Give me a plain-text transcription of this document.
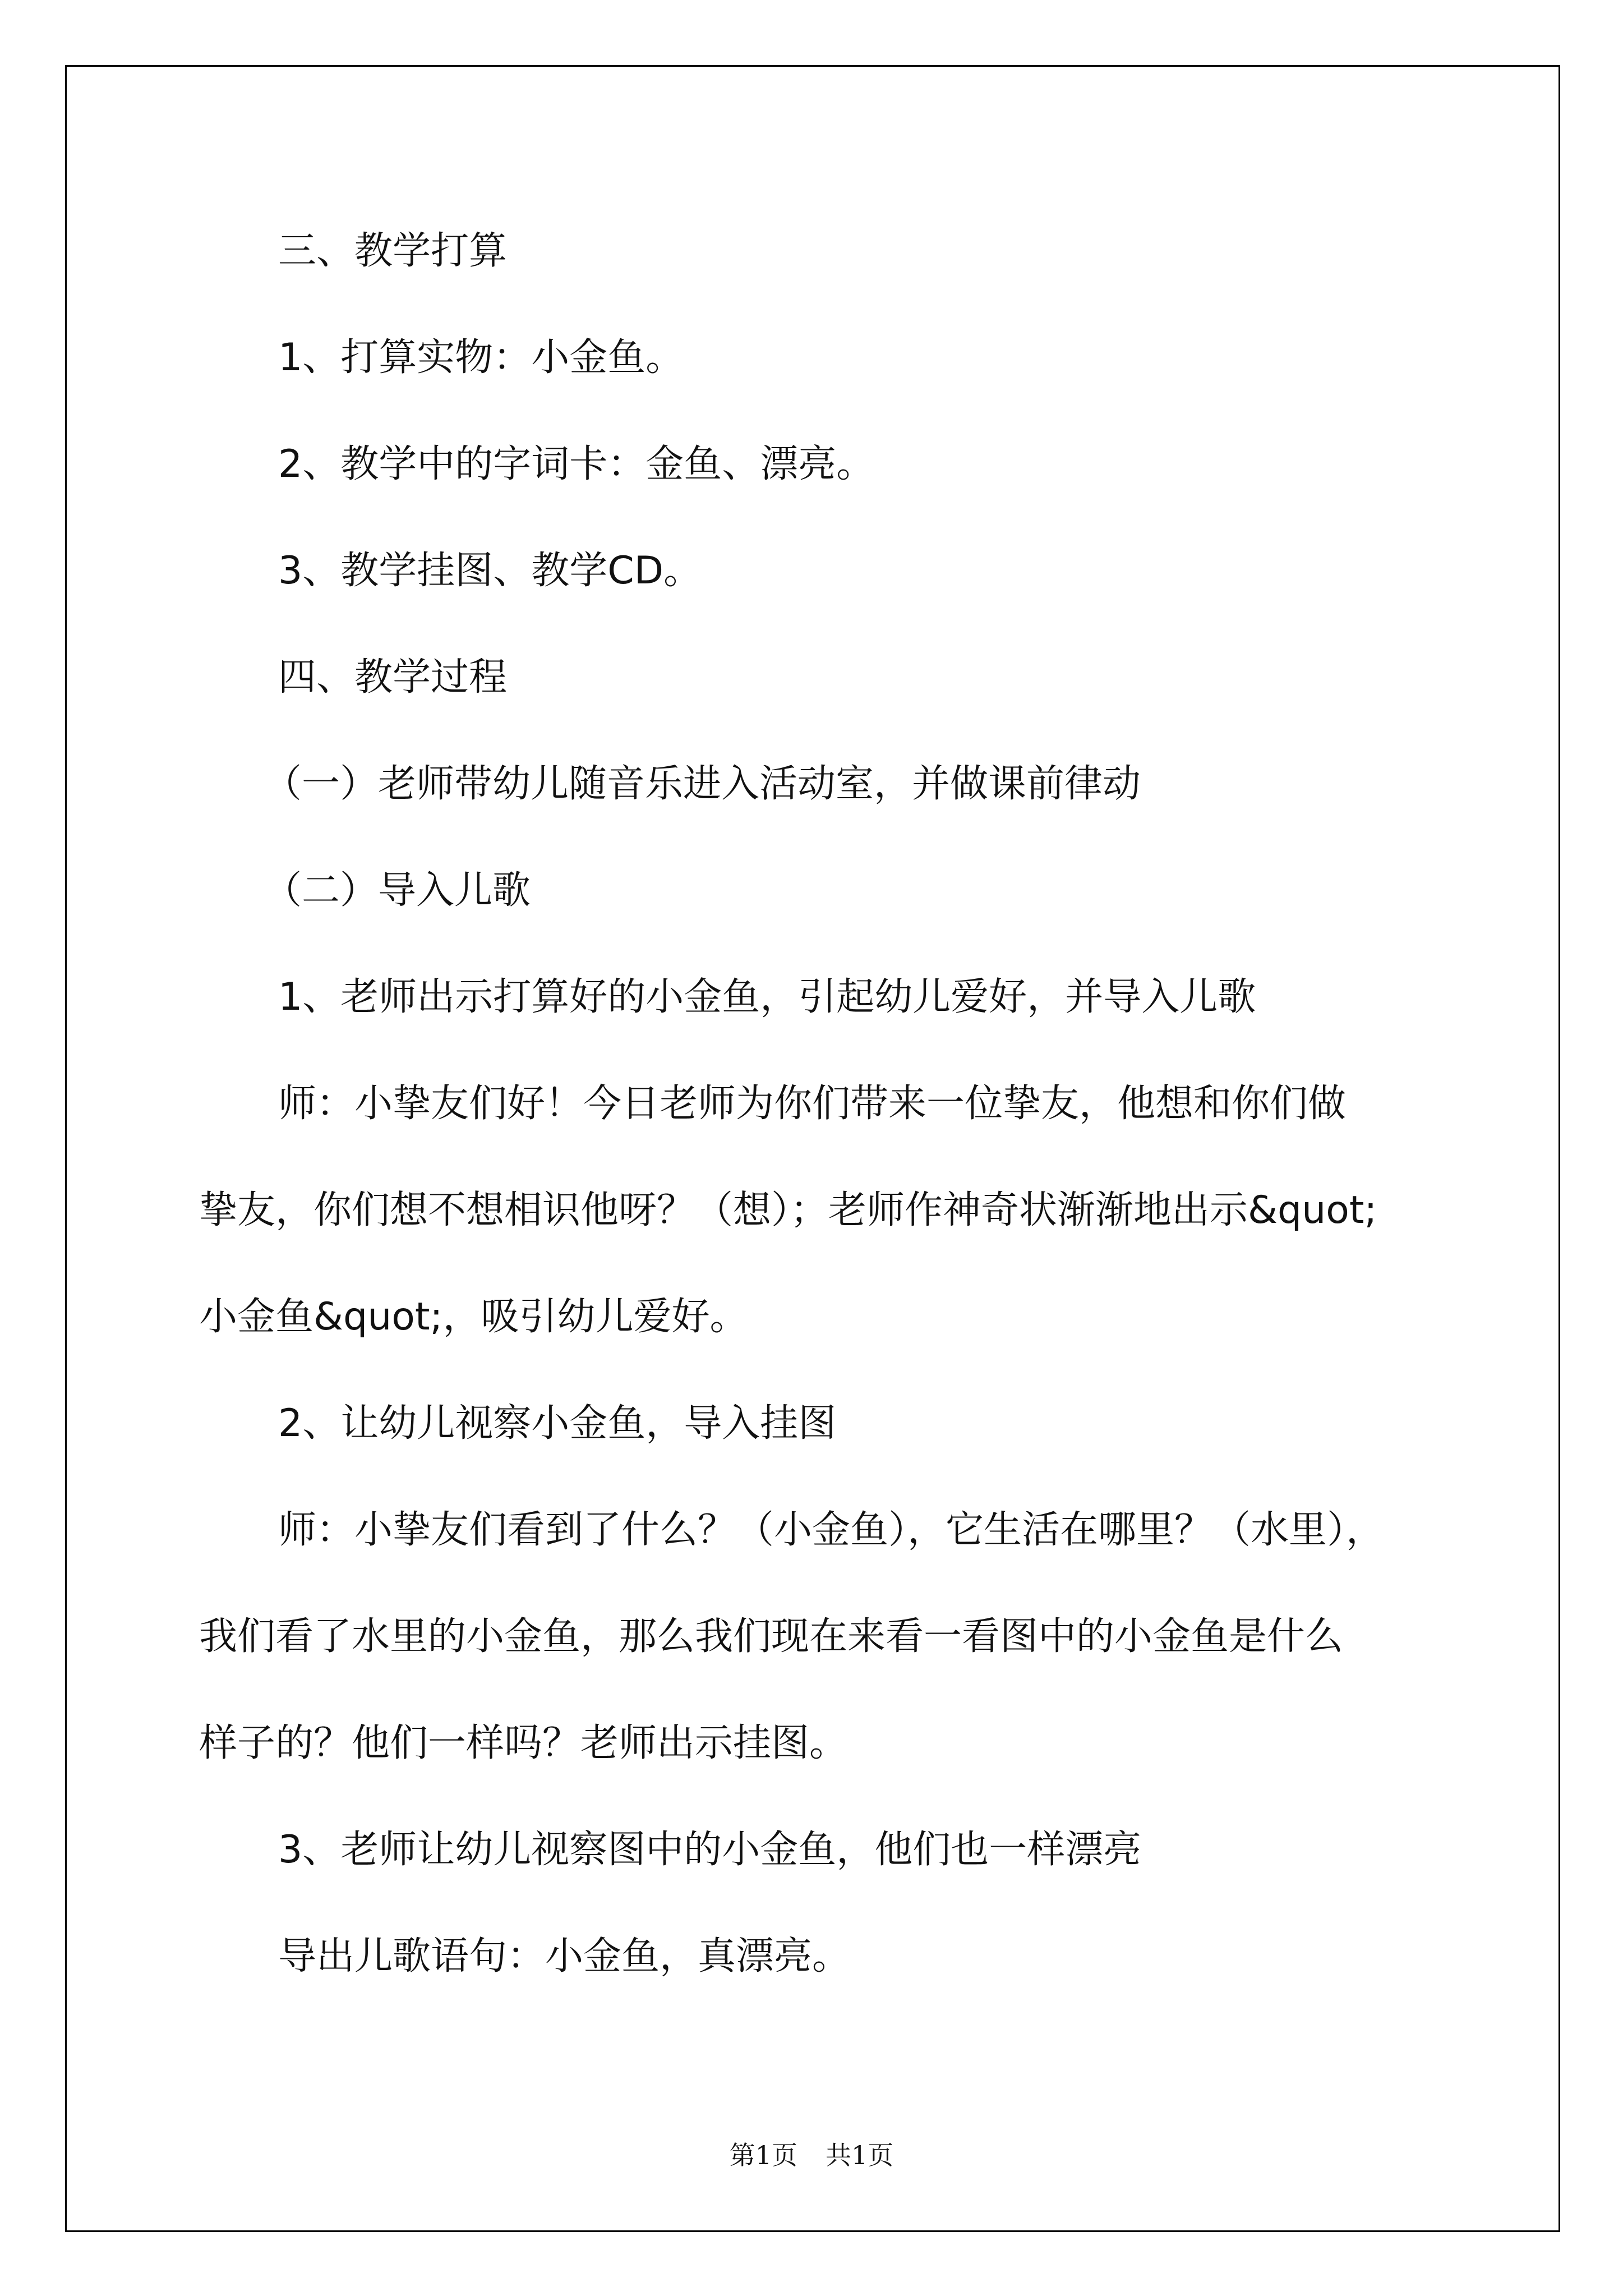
三、教学打算
1、打算实物：小金鱼。
2、教学中的字词卡：金鱼、漂亮。
3、教学挂图、教学CD。
四、教学过程
（一）老师带幼儿随音乐进入活动室，并做课前律动
（二）导入儿歌
1、老师出示打算好的小金鱼，引起幼儿爱好，并导入儿歌
师：小挚友们好！今日老师为你们带来一位挚友，他想和你们做
挚友，你们想不想相识他呀？（想）；老师作神奇状渐渐地出示&quot;
小金鱼&quot;，吸引幼儿爱好。
2、让幼儿视察小金鱼，导入挂图
师：小挚友们看到了什么？（小金鱼），它生活在哪里？（水里），
我们看了水里的小金鱼，那么我们现在来看一看图中的小金鱼是什么
样子的？他们一样吗？老师出示挂图。
3、老师让幼儿视察图中的小金鱼，他们也一样漂亮
导出儿歌语句：小金鱼，真漂亮。
第1页 共1页
